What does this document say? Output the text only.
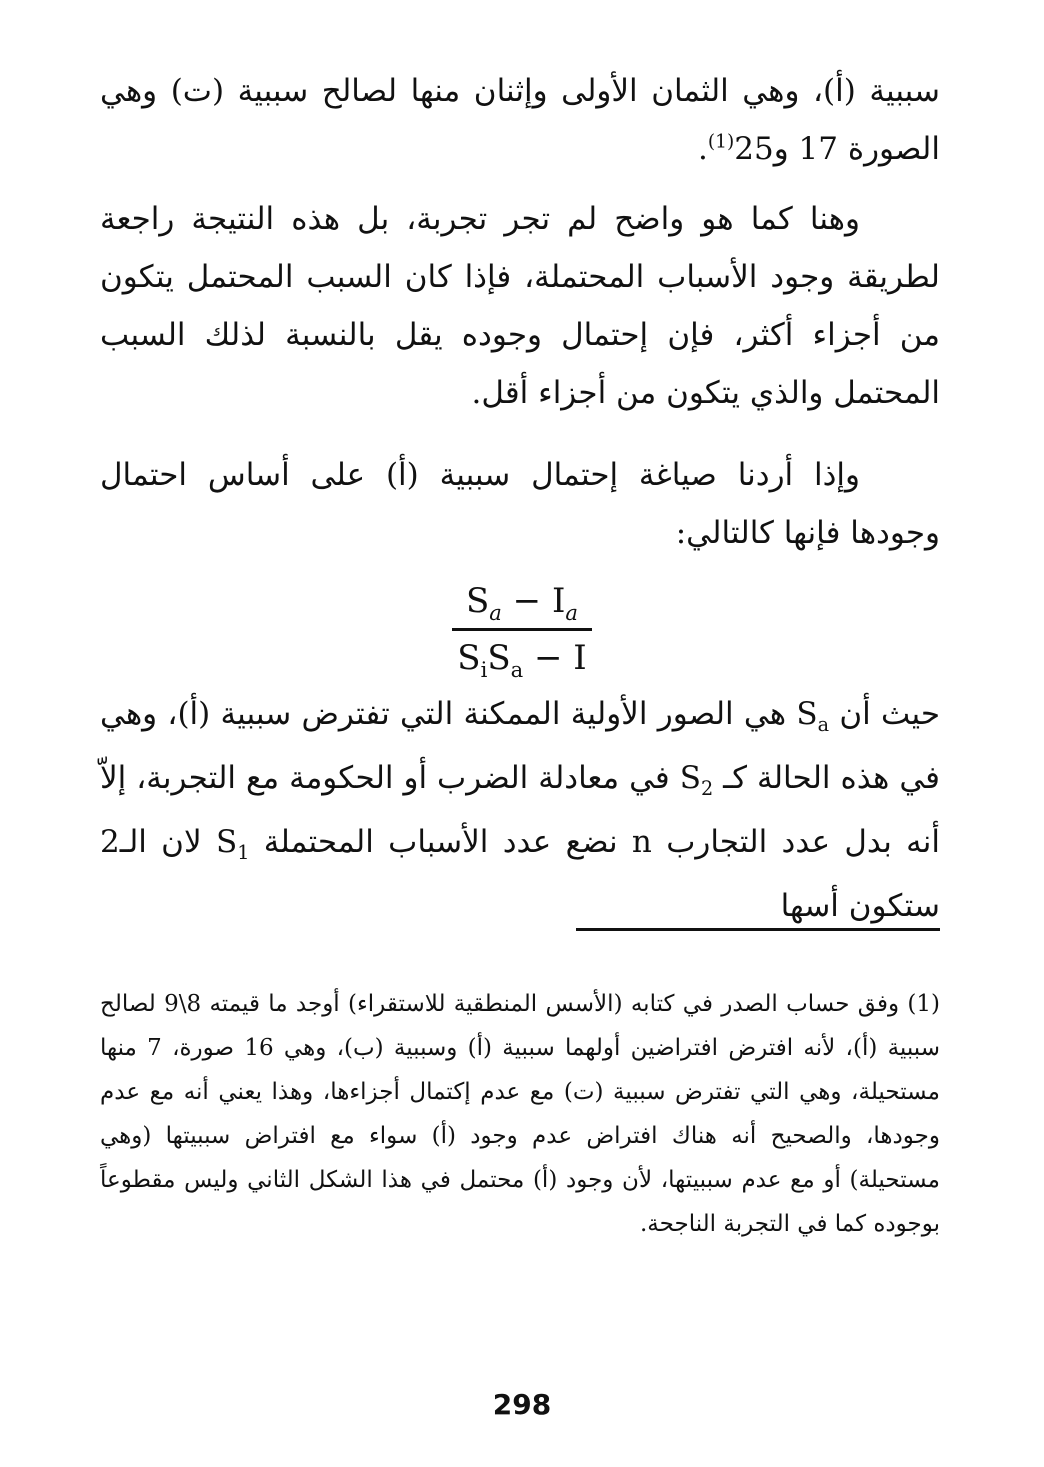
سببية (أ)، وهي الثمان الأولى وإثنان منها لصالح سببية (ت) وهي الصورة 17 و25$^{(1)}$.

وهنا كما هو واضح لم تجر تجربة، بل هذه النتيجة راجعة لطريقة وجود الأسباب المحتملة، فإذا كان السبب المحتمل يتكون من أجزاء أكثر، فإن إحتمال وجوده يقل بالنسبة لذلك السبب المحتمل والذي يتكون من أجزاء أقل.

وإذا أردنا صياغة إحتمال سببية (أ) على أساس احتمال وجودها فإنها كالتالي:

$S_a - I_a$
$S_iS_a - I$

حيث أن $S_a$ هي الصور الأولية الممكنة التي تفترض سببية (أ)، وهي في هذه الحالة كـ $S_2$ في معادلة الضرب أو الحكومة مع التجربة، إلاّ أنه بدل عدد التجارب n نضع عدد الأسباب المحتملة $S_1$ لان الـ2 ستكون أسها

(1) وفق حساب الصدر في كتابه (الأسس المنطقية للاستقراء) أوجد ما قيمته 8\9 لصالح سببية (أ)، لأنه افترض افتراضين أولهما سببية (أ) وسببية (ب)، وهي 16 صورة، 7 منها مستحيلة، وهي التي تفترض سببية (ت) مع عدم إكتمال أجزاءها، وهذا يعني أنه مع عدم وجودها، والصحيح أنه هناك افتراض عدم وجود (أ) سواء مع افتراض سببيتها (وهي مستحيلة) أو مع عدم سببيتها، لأن وجود (أ) محتمل في هذا الشكل الثاني وليس مقطوعاً بوجوده كما في التجربة الناجحة.

298
